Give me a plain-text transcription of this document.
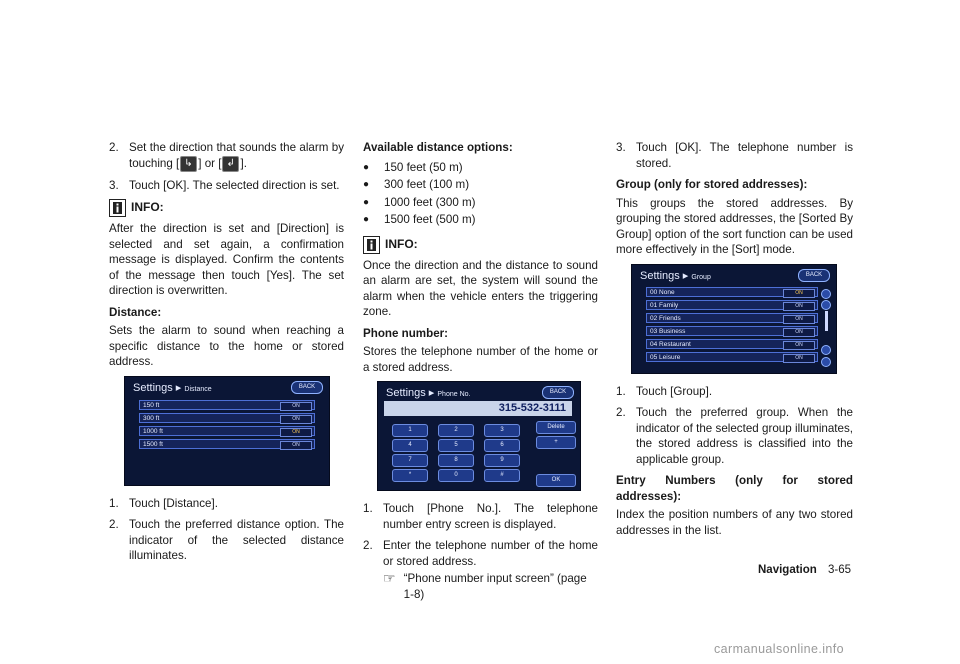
2. Set the direction that sounds the alarm by touching [ ↳ ] or [ ↲ ].
3. Touch [OK]. The selected direction is set.
INFO:

After the direction is set and [Direction] is selected and set again, a confirmation message is displayed. Confirm the contents of the message then touch [Yes]. The set direction is overwritten.

Distance:

Sets the alarm to sound when reaching a specific distance to the home or stored address.

Settings ▸ Distance	BACK
150 ft	ON
300 ft	ON
1000 ft	ON
1500 ft	ON
1. Touch [Distance].
2. Touch the preferred distance option. The indicator of the selected distance illuminates.

Available distance options:

●	150 feet (50 m)
●	300 feet (100 m)
●	1000 feet (300 m)
●	1500 feet (500 m)
INFO:

Once the direction and the distance to sound an alarm are set, the system will sound the alarm when the vehicle enters the triggering zone.

Phone number:

Stores the telephone number of the home or a stored address.

Settings ▸ Phone No.	BACK
315-532-3111
1	2	3
4	5	6
7	8	9
*	0	#
Delete
+
OK
1. Touch [Phone No.]. The telephone number entry screen is displayed.
2. Enter the telephone number of the home or stored address.
☞ “Phone number input screen” (page 1-8)
3. Touch [OK]. The telephone number is stored.

Group (only for stored addresses):

This groups the stored addresses. By grouping the stored addresses, the [Sorted By Group] option of the sort function can be used more effectively in the [Sort] mode.

Settings ▸ Group	BACK
00 None	ON
01 Family	ON
02 Friends	ON
03 Business	ON
04 Restaurant	ON
05 Leisure	ON
1. Touch [Group].
2. Touch the preferred group. When the indicator of the selected group illuminates, the stored address is classified into the applicable group.

Entry Numbers (only for stored addresses):

Index the position numbers of any two stored addresses in the list.

Navigation 3-65
carmanualsonline.info
